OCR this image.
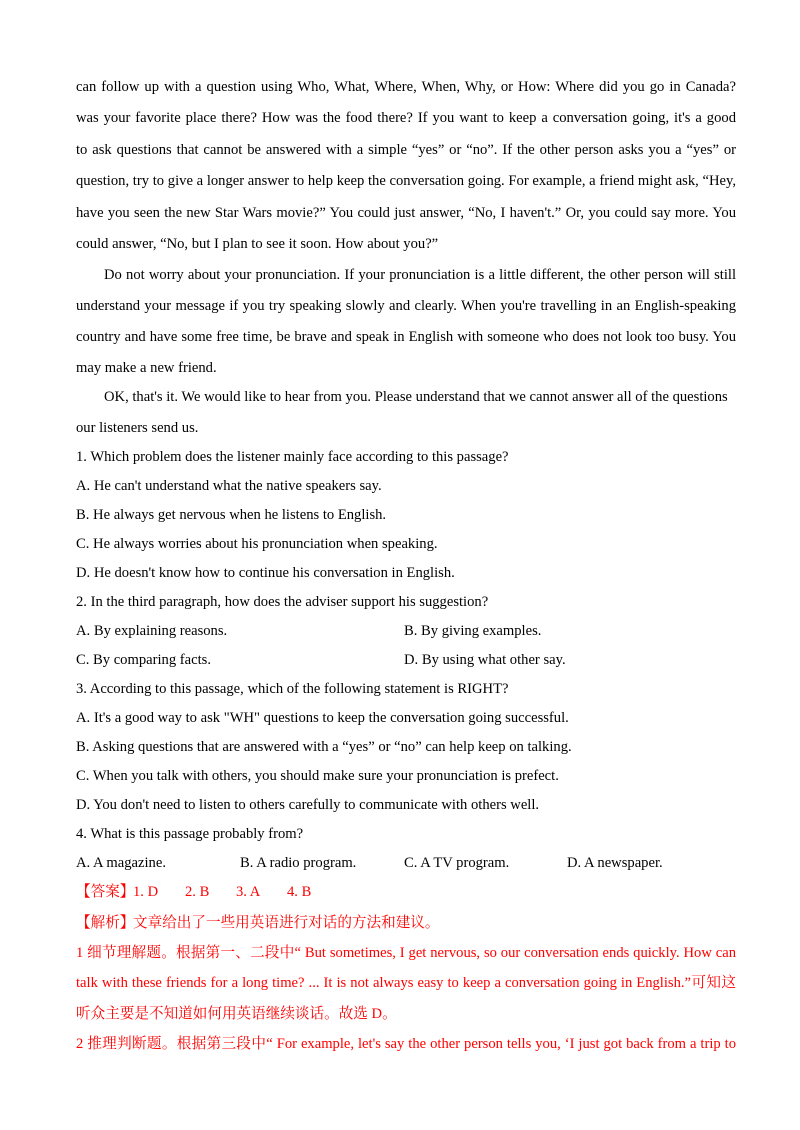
can follow up with a question using Who, What, Where, When, Why, or How: Where did you go in Canada?
was your favorite place there? How was the food there? If you want to keep a conversation going, it's a good
to ask questions that cannot be answered with a simple “yes” or “no”. If the other person asks you a “yes” or
question, try to give a longer answer to help keep the conversation going. For example, a friend might ask, “Hey,
have you seen the new Star Wars movie?” You could just answer, “No, I haven't.” Or, you could say more. You
could answer, “No, but I plan to see it soon. How about you?”
Do not worry about your pronunciation. If your pronunciation is a little different, the other person will still
understand your message if you try speaking slowly and clearly. When you're travelling in an English-speaking
country and have some free time, be brave and speak in English with someone who does not look too busy. You
may make a new friend.
OK, that's it. We would like to hear from you. Please understand that we cannot answer all of the questions
our listeners send us.
1. Which problem does the listener mainly face according to this passage?
A. He can't understand what the native speakers say.
B. He always get nervous when he listens to English.
C. He always worries about his pronunciation when speaking.
D. He doesn't know how to continue his conversation in English.
2. In the third paragraph, how does the adviser support his suggestion?
A. By explaining reasons.	B. By giving examples.
C. By comparing facts.	D. By using what other say.
3. According to this passage, which of the following statement is RIGHT?
A. It's a good way to ask "WH" questions to keep the conversation going successful.
B. Asking questions that are answered with a “yes” or “no” can help keep on talking.
C. When you talk with others, you should make sure your pronunciation is prefect.
D. You don't need to listen to others carefully to communicate with others well.
4. What is this passage probably from?
A. A magazine.	B. A radio program.	C. A TV program.	D. A newspaper.
【答案】
1. D 2. B 3. A 4. B
【解析】
文章给出了一些用英语进行对话的方法和建议。
1 细节理解题。根据第一、二段中“ But sometimes, I get nervous, so our conversation ends quickly. How can
talk with these friends for a long time? ... It is not always easy to keep a conversation going in English.”可知这
听众主要是不知道如何用英语继续谈话。故选 D。
2 推理判断题。根据第三段中“ For example, let's say the other person tells you, ‘I just got back from a trip to
